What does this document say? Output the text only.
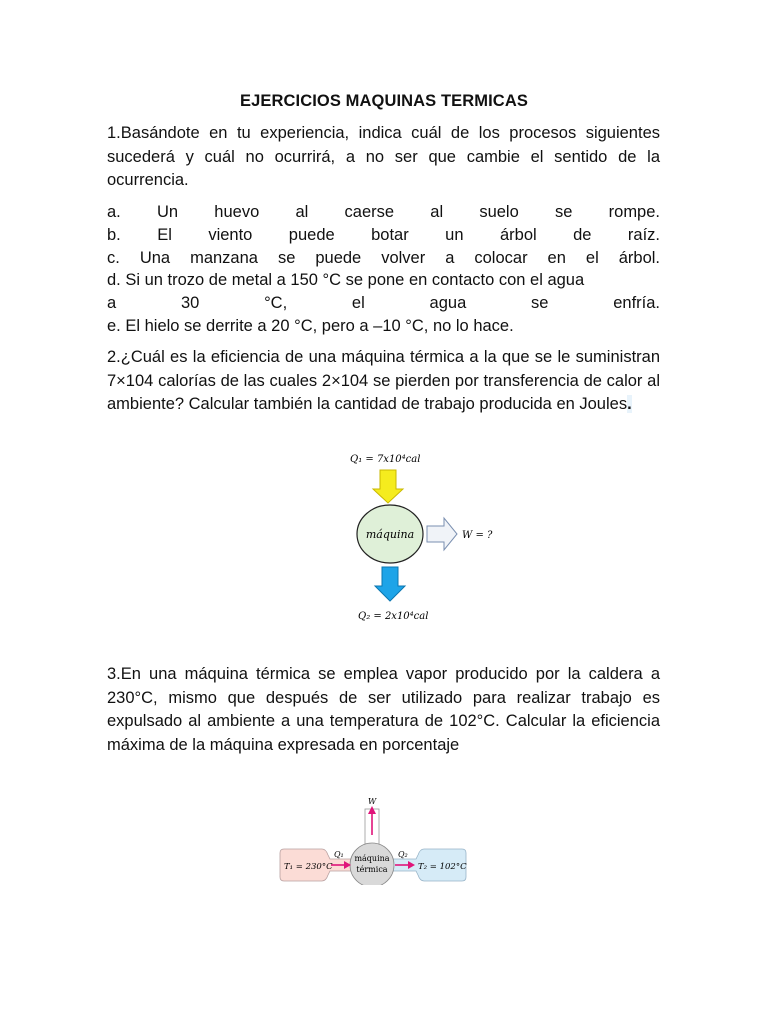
EJERCICIOS MAQUINAS TERMICAS
1.Basándote en tu experiencia, indica cuál de los procesos siguientes sucederá y cuál no ocurrirá, a no ser que cambie el sentido de la ocurrencia.
a. Un huevo al caerse al suelo se rompe.
b. El viento puede botar un árbol de raíz.
c. Una manzana se puede volver a colocar en el árbol.
d. Si un trozo de metal a 150 °C se pone en contacto con el agua
a 30 °C, el agua se enfría.
e. El hielo se derrite a 20 °C, pero a –10 °C, no lo hace.
2.¿Cuál es la eficiencia de una máquina térmica a la que se le suministran 7×104 calorías de las cuales 2×104 se pierden por transferencia de calor al ambiente? Calcular también la cantidad de trabajo producida en Joules.
Q₁ = 7x10⁴cal
máquina	W = ?
Q₂ = 2x10⁴cal
3.En una máquina térmica se emplea vapor producido por la caldera a 230°C, mismo que después de ser utilizado para realizar trabajo es expulsado al ambiente a una temperatura de 102°C. Calcular la eficiencia máxima de la máquina expresada en porcentaje
T₁ = 230°C	T₂ = 102°C
máquina
térmica
W
Q₁	Q₂
